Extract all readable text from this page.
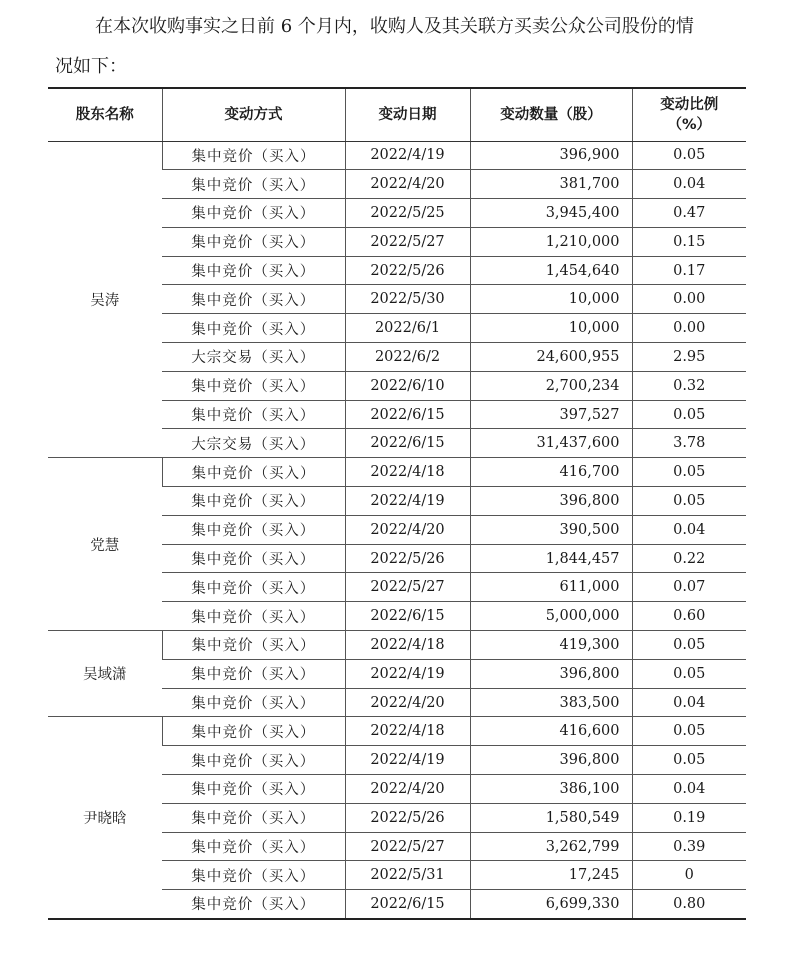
在本次收购事实之日前 6 个月内，收购人及其关联方买卖公众公司股份的情
况如下：
股东名称	变动方式	变动日期	变动数量（股）	变动比例
（%）

吴涛	集中竞价（买入）	2022/4/19	396,900	0.05
	集中竞价（买入）	2022/4/20	381,700	0.04
	集中竞价（买入）	2022/5/25	3,945,400	0.47
	集中竞价（买入）	2022/5/27	1,210,000	0.15
	集中竞价（买入）	2022/5/26	1,454,640	0.17
	集中竞价（买入）	2022/5/30	10,000	0.00
	集中竞价（买入）	2022/6/1	10,000	0.00
	大宗交易（买入）	2022/6/2	24,600,955	2.95
	集中竞价（买入）	2022/6/10	2,700,234	0.32
	集中竞价（买入）	2022/6/15	397,527	0.05
	大宗交易（买入）	2022/6/15	31,437,600	3.78
党慧	集中竞价（买入）	2022/4/18	416,700	0.05
	集中竞价（买入）	2022/4/19	396,800	0.05
	集中竞价（买入）	2022/4/20	390,500	0.04
	集中竞价（买入）	2022/5/26	1,844,457	0.22
	集中竞价（买入）	2022/5/27	611,000	0.07
	集中竞价（买入）	2022/6/15	5,000,000	0.60
吴域潇	集中竞价（买入）	2022/4/18	419,300	0.05
	集中竞价（买入）	2022/4/19	396,800	0.05
	集中竞价（买入）	2022/4/20	383,500	0.04
尹晓晗	集中竞价（买入）	2022/4/18	416,600	0.05
	集中竞价（买入）	2022/4/19	396,800	0.05
	集中竞价（买入）	2022/4/20	386,100	0.04
	集中竞价（买入）	2022/5/26	1,580,549	0.19
	集中竞价（买入）	2022/5/27	3,262,799	0.39
	集中竞价（买入）	2022/5/31	17,245	0
	集中竞价（买入）	2022/6/15	6,699,330	0.80
